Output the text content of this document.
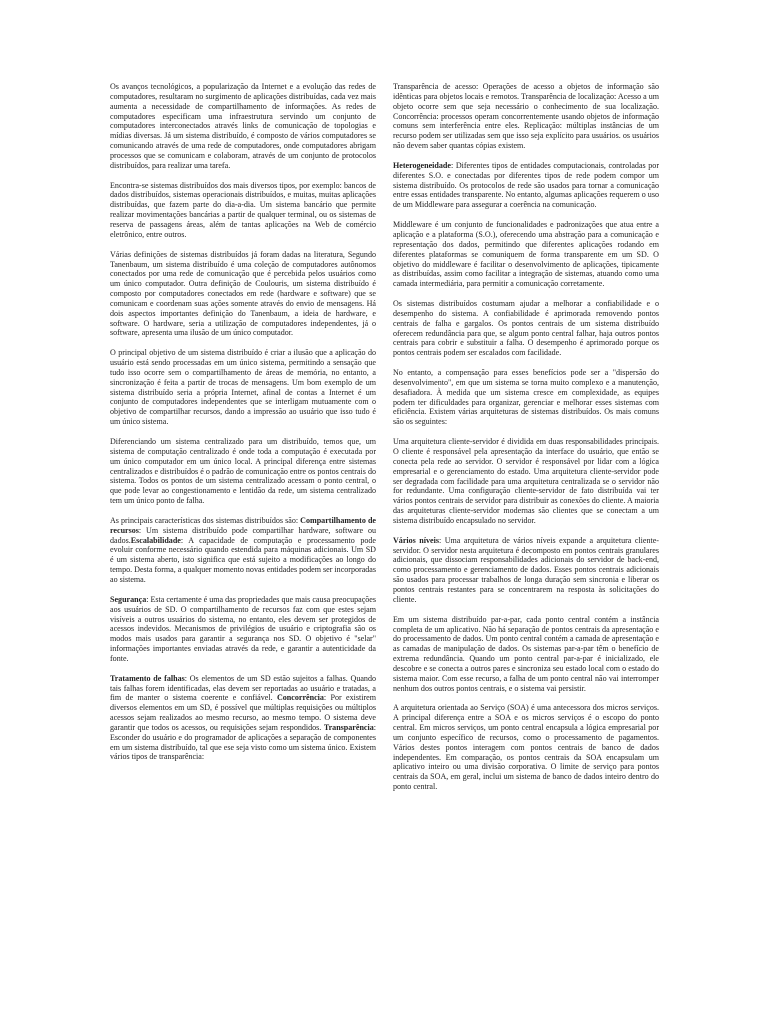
Os avanços tecnológicos, a popularização da Internet e a evolução das redes de computadores, resultaram no surgimento de aplicações distribuídas, cada vez mais aumenta a necessidade de compartilhamento de informações. As redes de computadores especificam uma infraestrutura servindo um conjunto de computadores interconectados através links de comunicação de topologias e mídias diversas. Já um sistema distribuído, é composto de vários computadores se comunicando através de uma rede de computadores, onde computadores abrigam processos que se comunicam e colaboram, através de um conjunto de protocolos distribuídos, para realizar uma tarefa.

Encontra-se sistemas distribuídos dos mais diversos tipos, por exemplo: bancos de dados distribuídos, sistemas operacionais distribuídos, e muitas, muitas aplicações distribuídas, que fazem parte do dia-a-dia. Um sistema bancário que permite realizar movimentações bancárias a partir de qualquer terminal, ou os sistemas de reserva de passagens áreas, além de tantas aplicações na Web de comércio eletrônico, entre outros.

Várias definições de sistemas distribuídos já foram dadas na literatura, Segundo Tanenbaum, um sistema distribuído é uma coleção de computadores autônomos conectados por uma rede de comunicação que é percebida pelos usuários como um único computador. Outra definição de Coulouris, um sistema distribuído é composto por computadores conectados em rede (hardware e software) que se comunicam e coordenam suas ações somente através do envio de mensagens. Há dois aspectos importantes definição do Tanenbaum, a ideia de hardware, e software. O hardware, seria a utilização de computadores independentes, já o software, apresenta uma ilusão de um único computador.

O principal objetivo de um sistema distribuído é criar a ilusão que a aplicação do usuário está sendo processadas em um único sistema, permitindo a sensação que tudo isso ocorre sem o compartilhamento de áreas de memória, no entanto, a sincronização é feita a partir de trocas de mensagens. Um bom exemplo de um sistema distribuído seria a própria Internet, afinal de contas a Internet é um conjunto de computadores independentes que se interligam mutuamente com o objetivo de compartilhar recursos, dando a impressão ao usuário que isso tudo é um único sistema.

Diferenciando um sistema centralizado para um distribuído, temos que, um sistema de computação centralizado é onde toda a computação é executada por um único computador em um único local. A principal diferença entre sistemas centralizados e distribuídos é o padrão de comunicação entre os pontos centrais do sistema. Todos os pontos de um sistema centralizado acessam o ponto central, o que pode levar ao congestionamento e lentidão da rede, um sistema centralizado tem um único ponto de falha.

As principais características dos sistemas distribuídos são: Compartilhamento de recursos: Um sistema distribuído pode compartilhar hardware, software ou dados.Escalabilidade: A capacidade de computação e processamento pode evoluir conforme necessário quando estendida para máquinas adicionais. Um SD é um sistema aberto, isto significa que está sujeito a modificações ao longo do tempo. Desta forma, a qualquer momento novas entidades podem ser incorporadas ao sistema.

Segurança: Esta certamente é uma das propriedades que mais causa preocupações aos usuários de SD. O compartilhamento de recursos faz com que estes sejam visíveis a outros usuários do sistema, no entanto, eles devem ser protegidos de acessos indevidos. Mecanismos de privilégios de usuário e criptografia são os modos mais usados para garantir a segurança nos SD. O objetivo é "selar" informações importantes enviadas através da rede, e garantir a autenticidade da fonte.

Tratamento de falhas: Os elementos de um SD estão sujeitos a falhas. Quando tais falhas forem identificadas, elas devem ser reportadas ao usuário e tratadas, a fim de manter o sistema coerente e confiável. Concorrência: Por existirem diversos elementos em um SD, é possível que múltiplas requisições ou múltiplos acessos sejam realizados ao mesmo recurso, ao mesmo tempo. O sistema deve garantir que todos os acessos, ou requisições sejam respondidos. Transparência: Esconder do usuário e do programador de aplicações a separação de componentes em um sistema distribuído, tal que ese seja visto como um sistema único. Existem vários tipos de transparência:

Transparência de acesso: Operações de acesso a objetos de informação são idênticas para objetos locais e remotos. Transparência de localização: Acesso a um objeto ocorre sem que seja necessário o conhecimento de sua localização. Concorrência: processos operam concorrentemente usando objetos de informação comuns sem interferência entre eles. Replicação: múltiplas instâncias de um recurso podem ser utilizadas sem que isso seja explícito para usuários. os usuários não devem saber quantas cópias existem.

Heterogeneidade: Diferentes tipos de entidades computacionais, controladas por diferentes S.O. e conectadas por diferentes tipos de rede podem compor um sistema distribuído. Os protocolos de rede são usados para tornar a comunicação entre essas entidades transparente. No entanto, algumas aplicações requerem o uso de um Middleware para assegurar a coerência na comunicação.

Middleware é um conjunto de funcionalidades e padronizações que atua entre a aplicação e a plataforma (S.O.), oferecendo uma abstração para a comunicação e representação dos dados, permitindo que diferentes aplicações rodando em diferentes plataformas se comuniquem de forma transparente em um SD. O objetivo do middleware é facilitar o desenvolvimento de aplicações, tipicamente as distribuídas, assim como facilitar a integração de sistemas, atuando como uma camada intermediária, para permitir a comunicação corretamente.

Os sistemas distribuídos costumam ajudar a melhorar a confiabilidade e o desempenho do sistema. A confiabilidade é aprimorada removendo pontos centrais de falha e gargalos. Os pontos centrais de um sistema distribuído oferecem redundância para que, se algum ponto central falhar, haja outros pontos centrais para cobrir e substituir a falha. O desempenho é aprimorado porque os pontos centrais podem ser escalados com facilidade.

No entanto, a compensação para esses benefícios pode ser a "dispersão do desenvolvimento", em que um sistema se torna muito complexo e a manutenção, desafiadora. À medida que um sistema cresce em complexidade, as equipes podem ter dificuldades para organizar, gerenciar e melhorar esses sistemas com eficiência. Existem várias arquiteturas de sistemas distribuídos. Os mais comuns são os seguintes:

Uma arquitetura cliente-servidor é dividida em duas responsabilidades principais. O cliente é responsável pela apresentação da interface do usuário, que então se conecta pela rede ao servidor. O servidor é responsável por lidar com a lógica empresarial e o gerenciamento do estado. Uma arquitetura cliente-servidor pode ser degradada com facilidade para uma arquitetura centralizada se o servidor não for redundante. Uma configuração cliente-servidor de fato distribuída vai ter vários pontos centrais de servidor para distribuir as conexões do cliente. A maioria das arquiteturas cliente-servidor modernas são clientes que se conectam a um sistema distribuído encapsulado no servidor.

Vários níveis: Uma arquitetura de vários níveis expande a arquitetura cliente-servidor. O servidor nesta arquitetura é decomposto em pontos centrais granulares adicionais, que dissociam responsabilidades adicionais do servidor de back-end, como processamento e gerenciamento de dados. Esses pontos centrais adicionais são usados para processar trabalhos de longa duração sem sincronia e liberar os pontos centrais restantes para se concentrarem na resposta às solicitações do cliente.

Em um sistema distribuído par-a-par, cada ponto central contém a instância completa de um aplicativo. Não há separação de pontos centrais da apresentação e do processamento de dados. Um ponto central contém a camada de apresentação e as camadas de manipulação de dados. Os sistemas par-a-par têm o benefício de extrema redundância. Quando um ponto central par-a-par é inicializado, ele descobre e se conecta a outros pares e sincroniza seu estado local com o estado do sistema maior. Com esse recurso, a falha de um ponto central não vai interromper nenhum dos outros pontos centrais, e o sistema vai persistir.

A arquitetura orientada ao Serviço (SOA) é uma antecessora dos micros serviços. A principal diferença entre a SOA e os micros serviços é o escopo do ponto central. Em micros serviços, um ponto central encapsula a lógica empresarial por um conjunto específico de recursos, como o processamento de pagamentos. Vários destes pontos interagem com pontos centrais de banco de dados independentes. Em comparação, os pontos centrais da SOA encapsulam um aplicativo inteiro ou uma divisão corporativa. O limite de serviço para pontos centrais da SOA, em geral, inclui um sistema de banco de dados inteiro dentro do ponto central.
